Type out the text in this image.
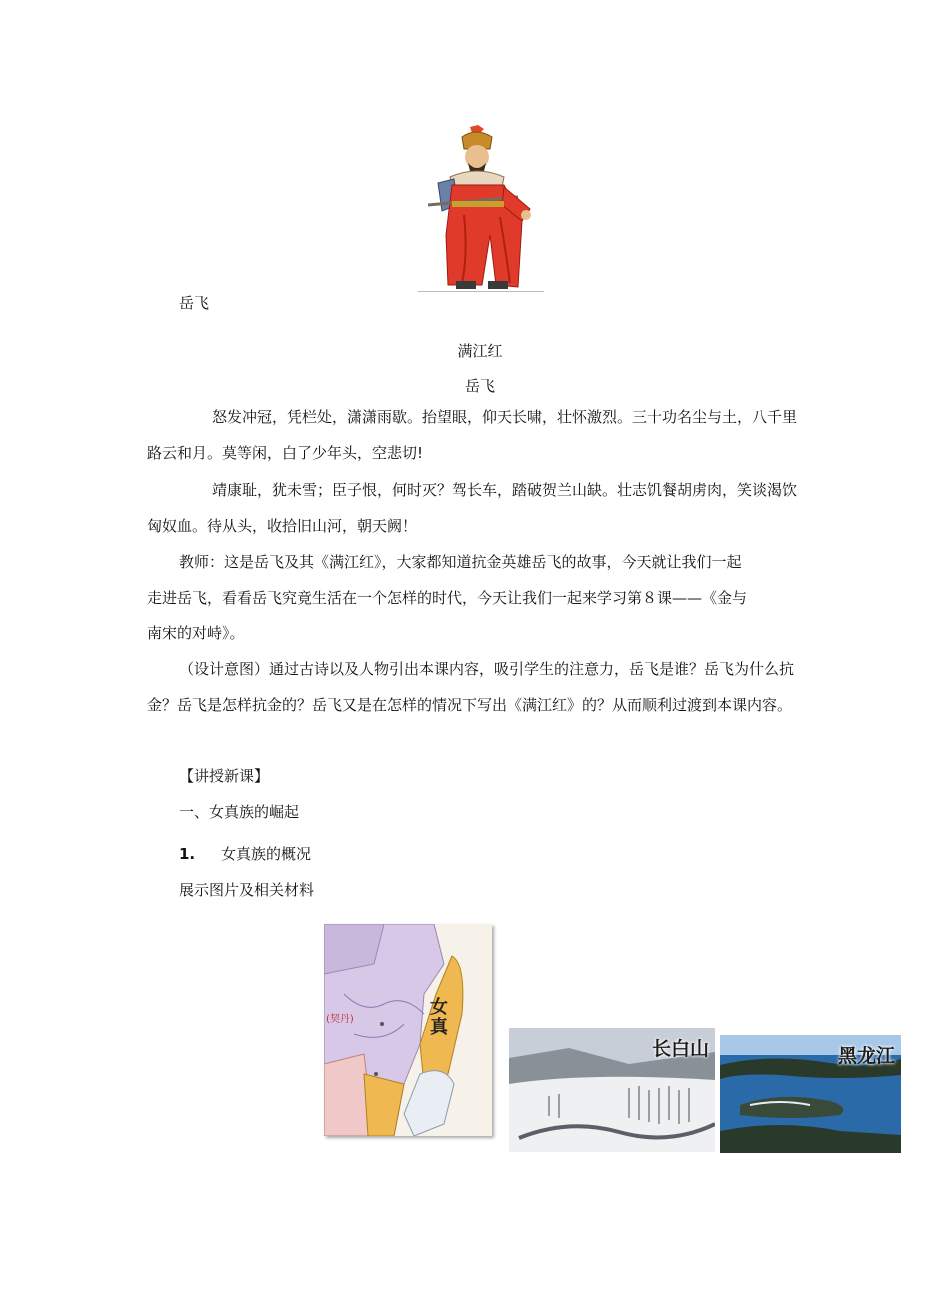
岳飞
满江红
岳飞
怒发冲冠，凭栏处，潇潇雨歇。抬望眼，仰天长啸，壮怀激烈。三十功名尘与土，八千里
路云和月。莫等闲，白了少年头，空悲切!
靖康耻，犹未雪；臣子恨，何时灭？驾长车，踏破贺兰山缺。壮志饥餐胡虏肉，笑谈渴饮
匈奴血。待从头，收拾旧山河，朝天阙！
教师：这是岳飞及其《满江红》，大家都知道抗金英雄岳飞的故事，今天就让我们一起
走进岳飞，看看岳飞究竟生活在一个怎样的时代，今天让我们一起来学习第８课——《金与
南宋的对峙》。
（设计意图）通过古诗以及人物引出本课内容，吸引学生的注意力，岳飞是谁？岳飞为什么抗
金？岳飞是怎样抗金的？岳飞又是在怎样的情况下写出《满江红》的？从而顺利过渡到本课内容。
【讲授新课】
一、女真族的崛起
1. 女真族的概况
展示图片及相关材料
女
真
(契丹)
长白山	黑龙江
